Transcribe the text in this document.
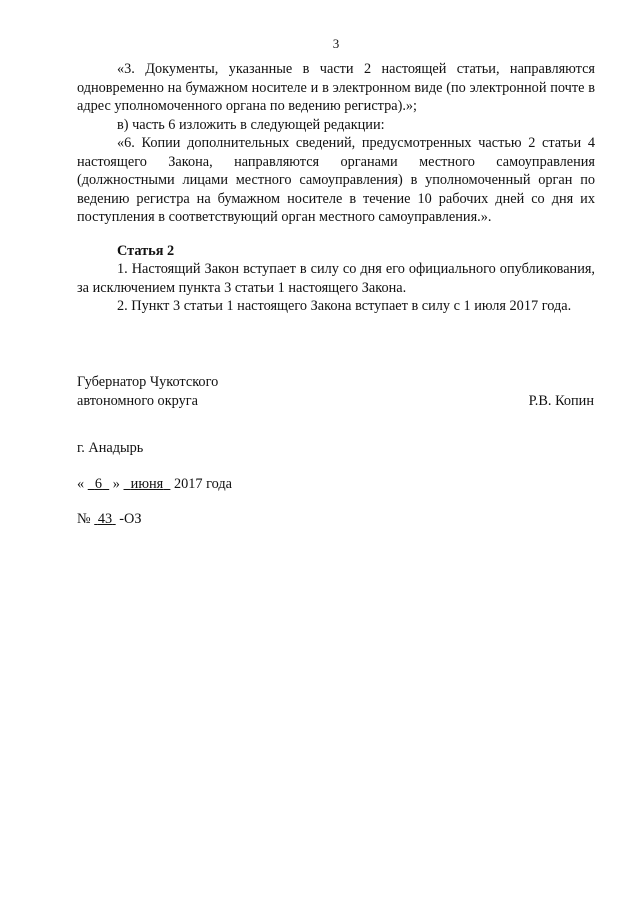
3

«3. Документы, указанные в части 2 настоящей статьи, направляются одновременно на бумажном носителе и в электронном виде (по электронной почте в адрес уполномоченного органа по ведению регистра).»;

в) часть 6 изложить в следующей редакции:

«6. Копии дополнительных сведений, предусмотренных частью 2 статьи 4 настоящего Закона, направляются органами местного самоуправления (должностными лицами местного самоуправления) в уполномоченный орган по ведению регистра на бумажном носителе в течение 10 рабочих дней со дня их поступления в соответствующий орган местного самоуправления.».

Статья 2

1. Настоящий Закон вступает в силу со дня его официального опубликования, за исключением пункта 3 статьи 1 настоящего Закона.

2. Пункт 3 статьи 1 настоящего Закона вступает в силу с 1 июля 2017 года.

Губернатор Чукотского
автономного округа	Р.В. Копин
г. Анадырь
« 6 » июня 2017 года
№ 43 -ОЗ
